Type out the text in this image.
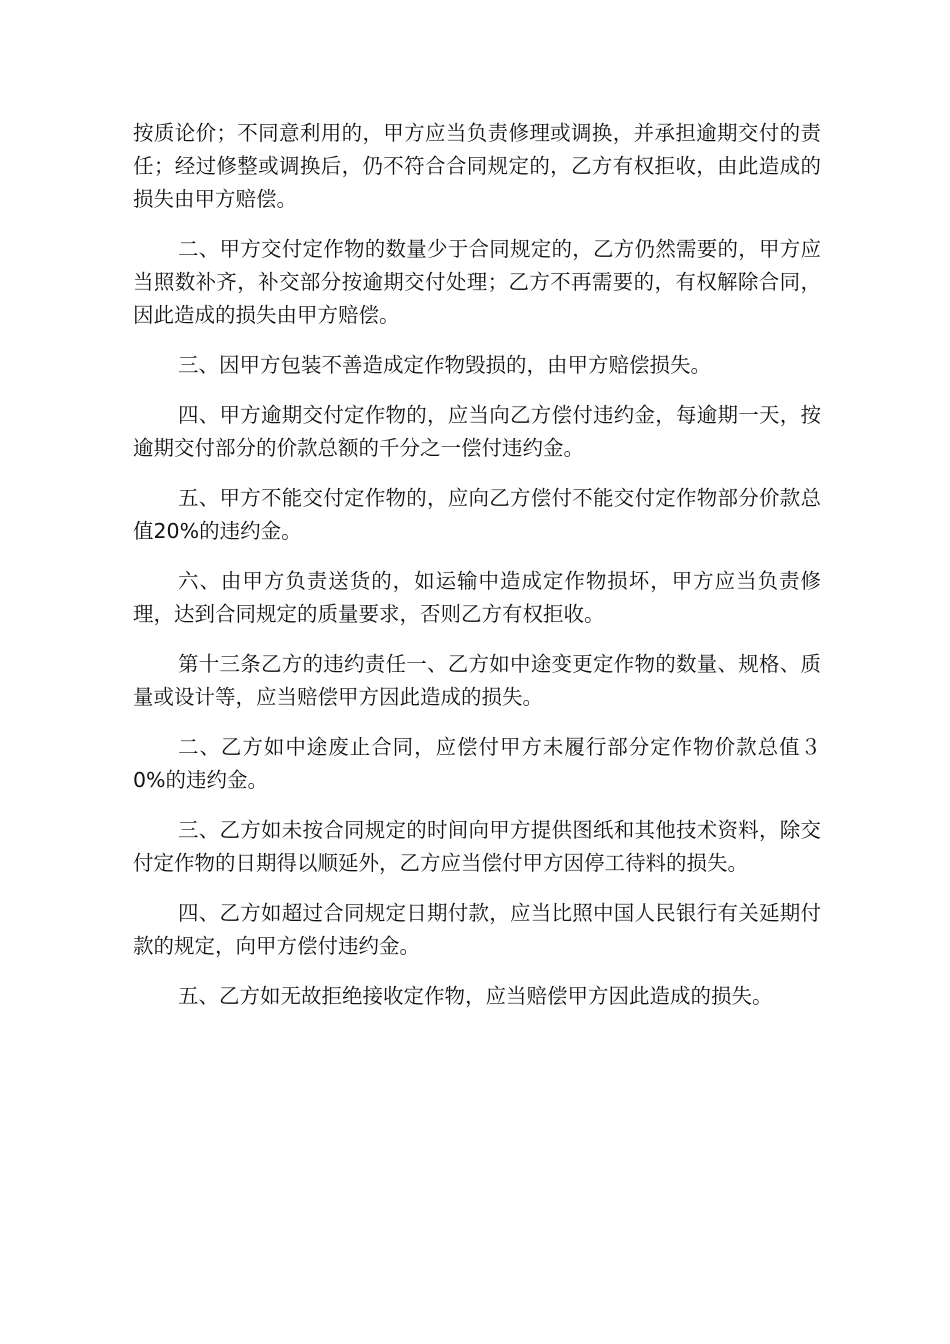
按质论价；不同意利用的，甲方应当负责修理或调换，并承担逾期交付的责任；经过修整或调换后，仍不符合合同规定的，乙方有权拒收，由此造成的损失由甲方赔偿。

二、甲方交付定作物的数量少于合同规定的，乙方仍然需要的，甲方应当照数补齐，补交部分按逾期交付处理；乙方不再需要的，有权解除合同，因此造成的损失由甲方赔偿。

三、因甲方包装不善造成定作物毁损的，由甲方赔偿损失。

四、甲方逾期交付定作物的，应当向乙方偿付违约金，每逾期一天，按逾期交付部分的价款总额的千分之一偿付违约金。

五、甲方不能交付定作物的，应向乙方偿付不能交付定作物部分价款总值20%的违约金。

六、由甲方负责送货的，如运输中造成定作物损坏，甲方应当负责修理，达到合同规定的质量要求，否则乙方有权拒收。

第十三条乙方的违约责任一、乙方如中途变更定作物的数量、规格、质量或设计等，应当赔偿甲方因此造成的损失。

二、乙方如中途废止合同，应偿付甲方未履行部分定作物价款总值３0%的违约金。

三、乙方如未按合同规定的时间向甲方提供图纸和其他技术资料，除交付定作物的日期得以顺延外，乙方应当偿付甲方因停工待料的损失。

四、乙方如超过合同规定日期付款，应当比照中国人民银行有关延期付款的规定，向甲方偿付违约金。

五、乙方如无故拒绝接收定作物，应当赔偿甲方因此造成的损失。
